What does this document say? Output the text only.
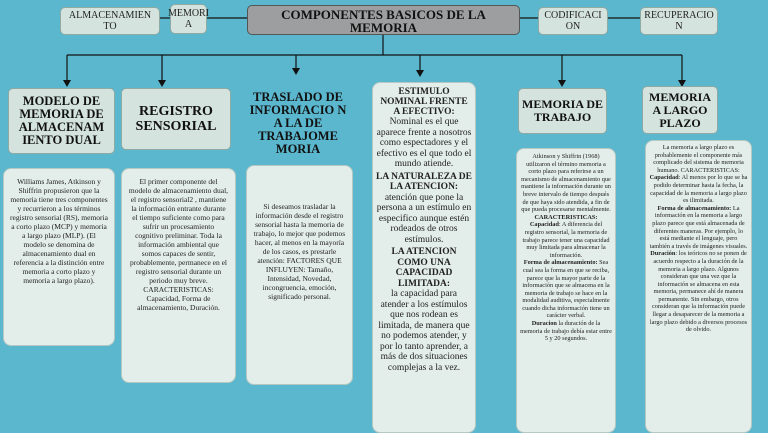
COMPONENTES BASICOS DE LA MEMORIA
ALMACENAMIEN TO
MEMORI A
CODIFICACI ON
RECUPERACIO N
MODELO DE MEMORIA DE ALMACENAM IENTO DUAL
Williams James, Atkinson y Shiffrin propusieron que la memoria tiene tres componentes y recurrieron a los términos registro sensorial (RS), memoria a corto plazo (MCP) y memoria a largo plazo (MLP). (El modelo se denomina de almacenamiento dual en referencia a la distinción entre memoria a corto plazo y memoria a largo plazo).
REGISTRO SENSORIAL
El primer componente del modelo de almacenamiento dual, el registro sensorial2 , mantiene la información entrante durante el tiempo suficiente como para sufrir un procesamiento cognitivo preliminar. Toda la información ambiental que somos capaces de sentir, probablemente, permanece en el registro sensorial durante un periodo muy breve. CARACTERISTICAS: Capacidad, Forma de almacenamiento, Duración.
TRASLADO DE INFORMACIO N A LA DE TRABAJOME MORIA
Si deseamos trasladar la información desde el registro sensorial hasta la memoria de trabajo, lo mejor que podemos hacer, al menos en la mayoría de los casos, es prestarle atención: FACTORES QUE INFLUYEN: Tamaño, Intensidad, Novedad, incongruencia, emoción, significado personal.

ESTIMULO NOMINAL FRENTE A EFECTIVO:

Nominal es el que aparece frente a nosotros como espectadores y el efectivo es el que todo el mundo atiende.

LA NATURALEZA DE LA ATENCION:

atención que pone la persona a un estímulo en especifico aunque estén rodeados de otros estímulos.

LA ATENCION COMO UNA CAPACIDAD LIMITADA:

la capacidad para atender a los estímulos que nos rodean es limitada, de manera que no podemos atender, y por lo tanto aprender, a más de dos situaciones complejas a la vez.

MEMORIA DE TRABAJO

Atkinson y Shiffrin (1968) utilizaron el término memoria a corto plazo para referirse a un mecanismo de almacenamiento que mantiene la información durante un breve intervalo de tiempo después de que haya sido atendida, a fin de que pueda procesarse mentalmente.

CARACTERISTICAS:

Capacidad: A diferencia del registro sensorial, la memoria de trabajo parece tener una capacidad muy limitada para almacenar la información.

Forma de almacenamiento: Sea cual sea la forma en que se reciba, parece que la mayor parte de la información que se almacena en la memoria de trabajo se hace en la modalidad auditiva, especialmente cuando dicha información tiene un carácter verbal.

Duracion la duración de la memoria de trabajo debía estar entre 5 y 20 segundos.

MEMORIA A LARGO PLAZO

La memoria a largo plazo es probablemente el componente más complicado del sistema de memoria humano. CARACTERISTICAS:

Capacidad: Al menos por lo que se ha podido determinar hasta la fecha, la capacidad de la memoria a largo plazo es ilimitada.

Forma de almacenamiento: La información en la memoria a largo plazo parece que está almacenada de diferentes maneras. Por ejemplo, lo está mediante el lenguaje, pero también a través de imágenes visuales.

Duración: los teóricos no se ponen de acuerdo respecto a la duración de la memoria a largo plazo. Algunos consideran que una vez que la información se almacena en esta memoria, permanece ahí de manera permanente. Sin embargo, otros consideran que la información puede llegar a desaparecer de la memoria a largo plazo debido a diversos procesos de olvido.
